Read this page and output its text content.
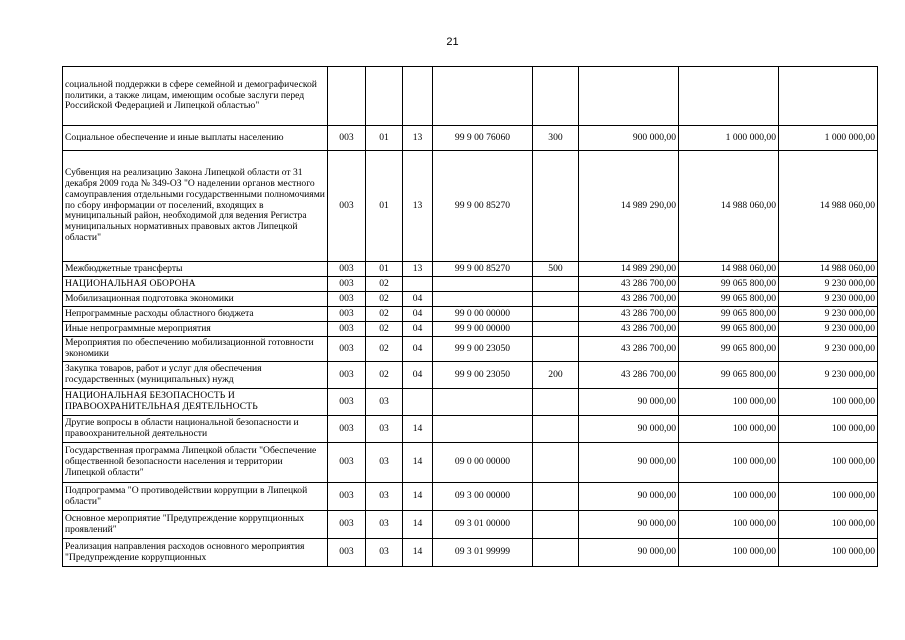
21
социальной поддержки в сфере семейной и демографической политики, а также лицам, имеющим особые заслуги перед Российской Федерацией и Липецкой областью"								
Социальное обеспечение и иные выплаты населению	003	01	13	99 9 00 76060	300	900 000,00	1 000 000,00	1 000 000,00
Субвенция на реализацию Закона Липецкой области от 31 декабря 2009 года № 349-ОЗ "О наделении органов местного самоуправления отдельными государственными полномочиями по сбору информации от поселений, входящих в муниципальный район, необходимой для ведения Регистра муниципальных нормативных правовых актов Липецкой области"	003	01	13	99 9 00 85270		14 989 290,00	14 988 060,00	14 988 060,00
Межбюджетные трансферты	003	01	13	99 9 00 85270	500	14 989 290,00	14 988 060,00	14 988 060,00
НАЦИОНАЛЬНАЯ ОБОРОНА	003	02				43 286 700,00	99 065 800,00	9 230 000,00
Мобилизационная подготовка экономики	003	02	04			43 286 700,00	99 065 800,00	9 230 000,00
Непрограммные расходы областного бюджета	003	02	04	99 0 00 00000		43 286 700,00	99 065 800,00	9 230 000,00
Иные непрограммные мероприятия	003	02	04	99 9 00 00000		43 286 700,00	99 065 800,00	9 230 000,00
Мероприятия по обеспечению мобилизационной готовности экономики	003	02	04	99 9 00 23050		43 286 700,00	99 065 800,00	9 230 000,00
Закупка товаров, работ и услуг для обеспечения государственных (муниципальных) нужд	003	02	04	99 9 00 23050	200	43 286 700,00	99 065 800,00	9 230 000,00
НАЦИОНАЛЬНАЯ БЕЗОПАСНОСТЬ И ПРАВООХРАНИТЕЛЬНАЯ ДЕЯТЕЛЬНОСТЬ	003	03				90 000,00	100 000,00	100 000,00
Другие вопросы в области национальной безопасности и правоохранительной деятельности	003	03	14			90 000,00	100 000,00	100 000,00
Государственная программа Липецкой области "Обеспечение общественной безопасности населения и территории Липецкой области"	003	03	14	09 0 00 00000		90 000,00	100 000,00	100 000,00
Подпрограмма "О противодействии коррупции в Липецкой области"	003	03	14	09 3 00 00000		90 000,00	100 000,00	100 000,00
Основное мероприятие "Предупреждение коррупционных проявлений"	003	03	14	09 3 01 00000		90 000,00	100 000,00	100 000,00
Реализация направления расходов основного мероприятия "Предупреждение коррупционных	003	03	14	09 3 01 99999		90 000,00	100 000,00	100 000,00
